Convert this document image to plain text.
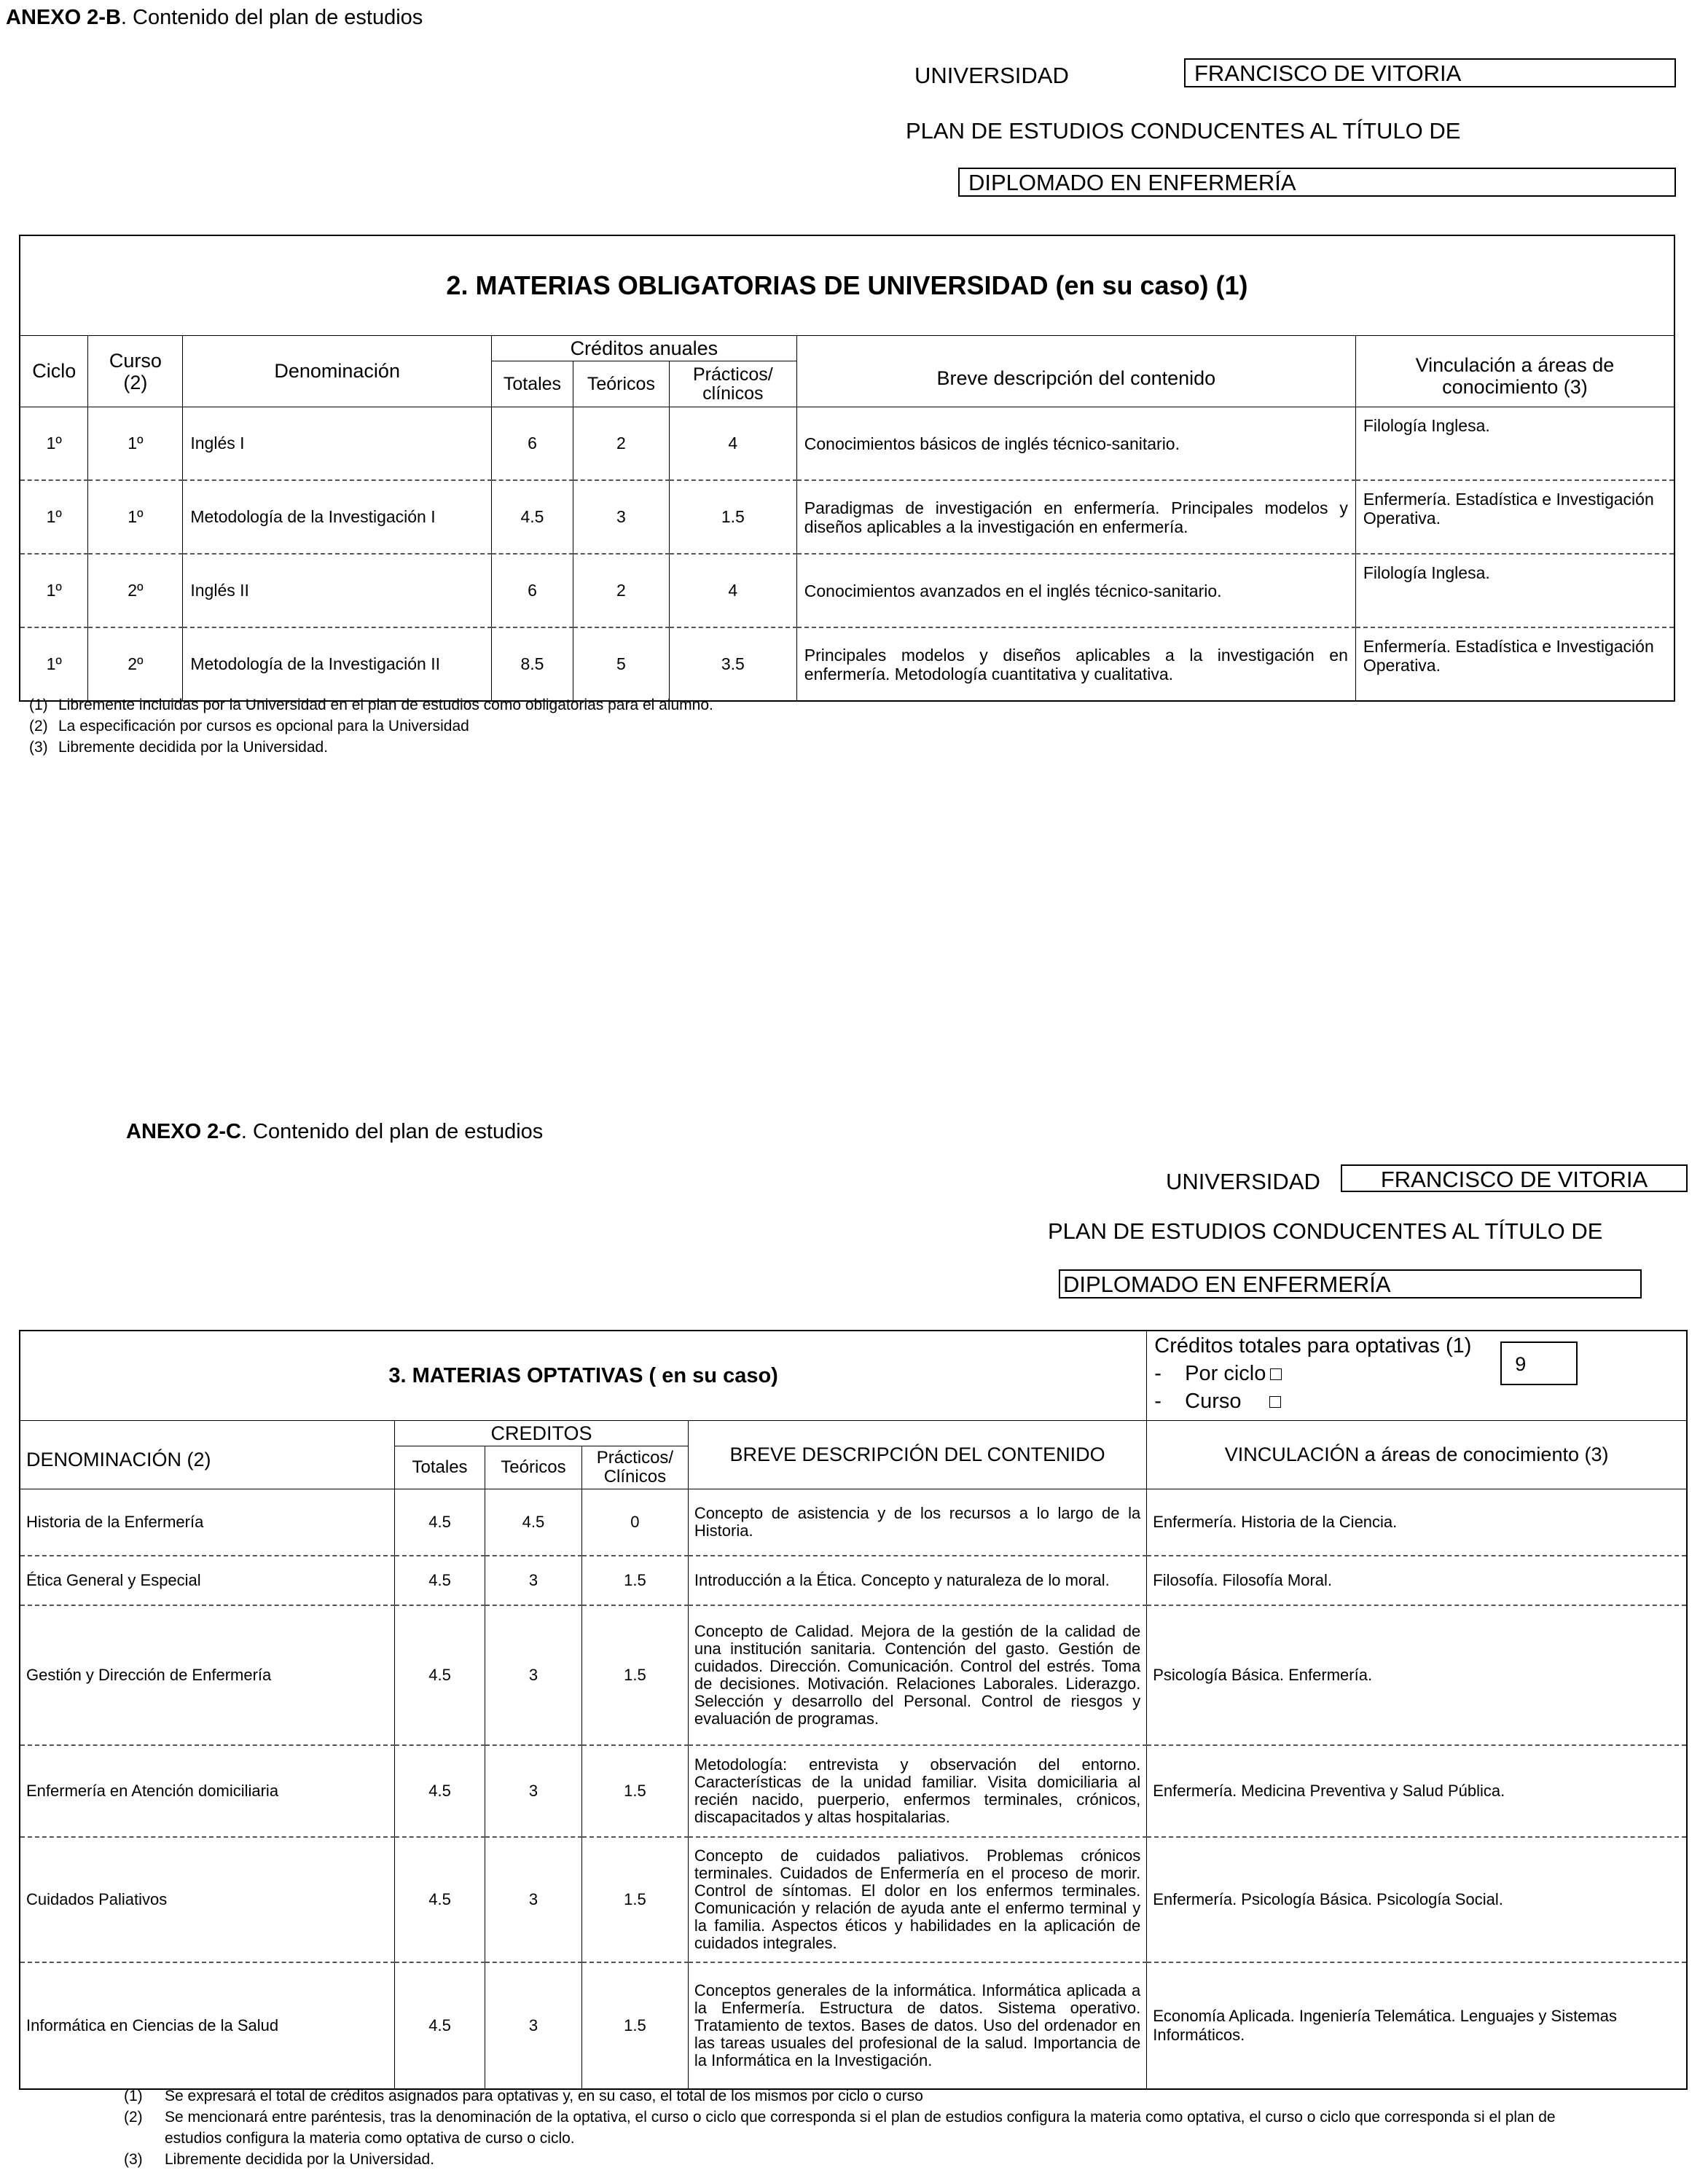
ANEXO 2-B. Contenido del plan de estudios
UNIVERSIDAD	FRANCISCO DE VITORIA
PLAN DE ESTUDIOS CONDUCENTES AL TÍTULO DE
DIPLOMADO EN ENFERMERÍA
2. MATERIAS OBLIGATORIAS DE UNIVERSIDAD (en su caso) (1)							
Ciclo	Curso
(2)	Denominación	Créditos anuales			Breve descripción del contenido	Vinculación a áreas de
conocimiento (3)
			Totales	Teóricos	Prácticos/
clínicos		
1º	1º	Inglés I	6	2	4	Conocimientos básicos de inglés técnico-sanitario.	Filología Inglesa.
1º	1º	Metodología de la Investigación I	4.5	3	1.5	Paradigmas de investigación en enfermería. Principales modelos y diseños aplicables a la investigación en enfermería.	Enfermería. Estadística e Investigación Operativa.
1º	2º	Inglés II	6	2	4	Conocimientos avanzados en el inglés técnico-sanitario.	Filología Inglesa.
1º	2º	Metodología de la Investigación II	8.5	5	3.5	Principales modelos y diseños aplicables a la investigación en enfermería. Metodología cuantitativa y cualitativa.	Enfermería. Estadística e Investigación Operativa.
(1) Libremente incluidas por la Universidad en el plan de estudios como obligatorias para el alumno.
(2) La especificación por cursos es opcional para la Universidad
(3) Libremente decidida por la Universidad.
ANEXO 2-C. Contenido del plan de estudios
UNIVERSIDAD	FRANCISCO DE VITORIA
PLAN DE ESTUDIOS CONDUCENTES AL TÍTULO DE
DIPLOMADO EN ENFERMERÍA
3. MATERIAS OPTATIVAS ( en su caso)					Créditos totales para optativas (1)
- Por ciclo
- Curso
9

DENOMINACIÓN (2)	CREDITOS			BREVE DESCRIPCIÓN DEL CONTENIDO	VINCULACIÓN a áreas de conocimiento (3)
	Totales	Teóricos	Prácticos/
Clínicos		
Historia de la Enfermería	4.5	4.5	0	Concepto de asistencia y de los recursos a lo largo de la Historia.	Enfermería. Historia de la Ciencia.
Ética General y Especial	4.5	3	1.5	Introducción a la Ética. Concepto y naturaleza de lo moral.	Filosofía. Filosofía Moral.
Gestión y Dirección de Enfermería	4.5	3	1.5	Concepto de Calidad. Mejora de la gestión de la calidad de una institución sanitaria. Contención del gasto. Gestión de cuidados. Dirección. Comunicación. Control del estrés. Toma de decisiones. Motivación. Relaciones Laborales. Liderazgo. Selección y desarrollo del Personal. Control de riesgos y evaluación de programas.	Psicología Básica. Enfermería.
Enfermería en Atención domiciliaria	4.5	3	1.5	Metodología: entrevista y observación del entorno. Características de la unidad familiar. Visita domiciliaria al recién nacido, puerperio, enfermos terminales, crónicos, discapacitados y altas hospitalarias.	Enfermería. Medicina Preventiva y Salud Pública.
Cuidados Paliativos	4.5	3	1.5	Concepto de cuidados paliativos. Problemas crónicos terminales. Cuidados de Enfermería en el proceso de morir. Control de síntomas. El dolor en los enfermos terminales. Comunicación y relación de ayuda ante el enfermo terminal y la familia. Aspectos éticos y habilidades en la aplicación de cuidados integrales.	Enfermería. Psicología Básica. Psicología Social.
Informática en Ciencias de la Salud	4.5	3	1.5	Conceptos generales de la informática. Informática aplicada a la Enfermería. Estructura de datos. Sistema operativo. Tratamiento de textos. Bases de datos. Uso del ordenador en las tareas usuales del profesional de la salud. Importancia de la Informática en la Investigación.	Economía Aplicada. Ingeniería Telemática. Lenguajes y Sistemas Informáticos.
(1)	Se expresará el total de créditos asignados para optativas y, en su caso, el total de los mismos por ciclo o curso
(2)	Se mencionará entre paréntesis, tras la denominación de la optativa, el curso o ciclo que corresponda si el plan de estudios configura la materia como optativa, el curso o ciclo que corresponda si el plan de estudios configura la materia como optativa de curso o ciclo.
(3)	Libremente decidida por la Universidad.
